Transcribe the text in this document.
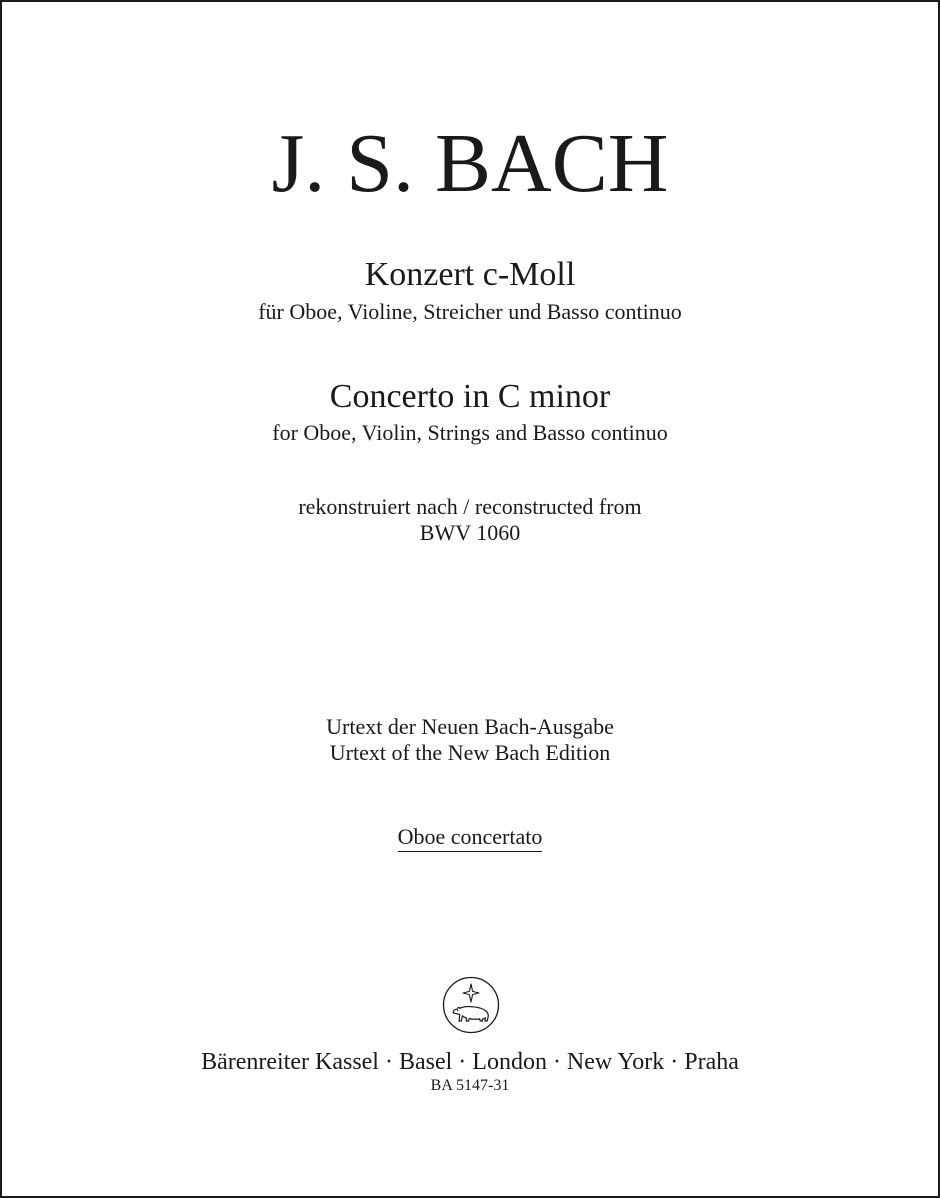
J. S. BACH
Konzert c-Moll
für Oboe, Violine, Streicher und Basso continuo
Concerto in C minor
for Oboe, Violin, Strings and Basso continuo
rekonstruiert nach / reconstructed from
BWV 1060
Urtext der Neuen Bach-Ausgabe
Urtext of the New Bach Edition
Oboe concertato
Bärenreiter Kassel · Basel · London · New York · Praha
BA 5147-31
